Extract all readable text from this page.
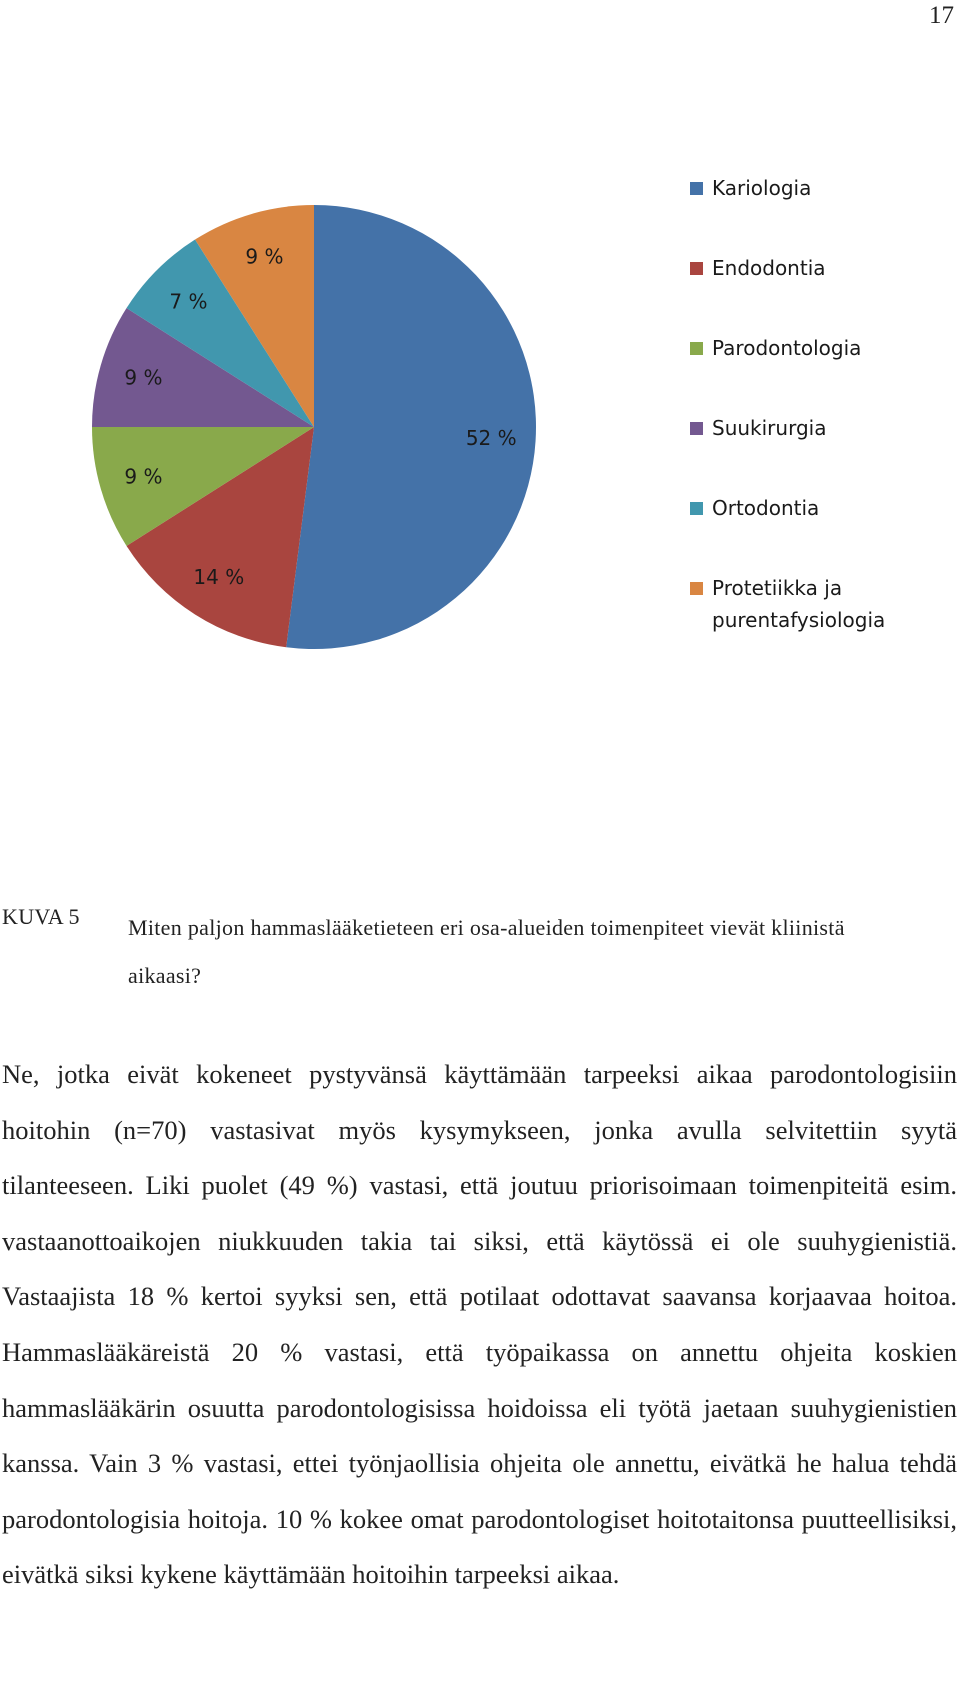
17
52 %
14 %
9 %
9 %
7 %
9 %
Kariologia
Endodontia
Parodontologia
Suukirurgia
Ortodontia
Protetiikka ja purentafysiologia
KUVA 5 Miten paljon hammaslääketieteen eri osa-alueiden toimenpiteet vievät kliinistä aikaasi?

Ne, jotka eivät kokeneet pystyvänsä käyttämään tarpeeksi aikaa parodontologisiin hoitohin (n=70) vastasivat myös kysymykseen, jonka avulla selvitettiin syytä tilanteeseen. Liki puolet (49 %) vastasi, että joutuu priorisoimaan toimenpiteitä esim. vastaanottoaikojen niukkuuden takia tai siksi, että käytössä ei ole suuhygienistiä. Vastaajista 18 % kertoi syyksi sen, että potilaat odottavat saavansa korjaavaa hoitoa. Hammaslääkäreistä 20 % vastasi, että työpaikassa on annettu ohjeita koskien hammaslääkärin osuutta parodontologisissa hoidoissa eli työtä jaetaan suuhygienistien kanssa. Vain 3 % vastasi, ettei työnjaollisia ohjeita ole annettu, eivätkä he halua tehdä parodontologisia hoitoja. 10 % kokee omat parodontologiset hoitotaitonsa puutteellisiksi, eivätkä siksi kykene käyttämään hoitoihin tarpeeksi aikaa.
